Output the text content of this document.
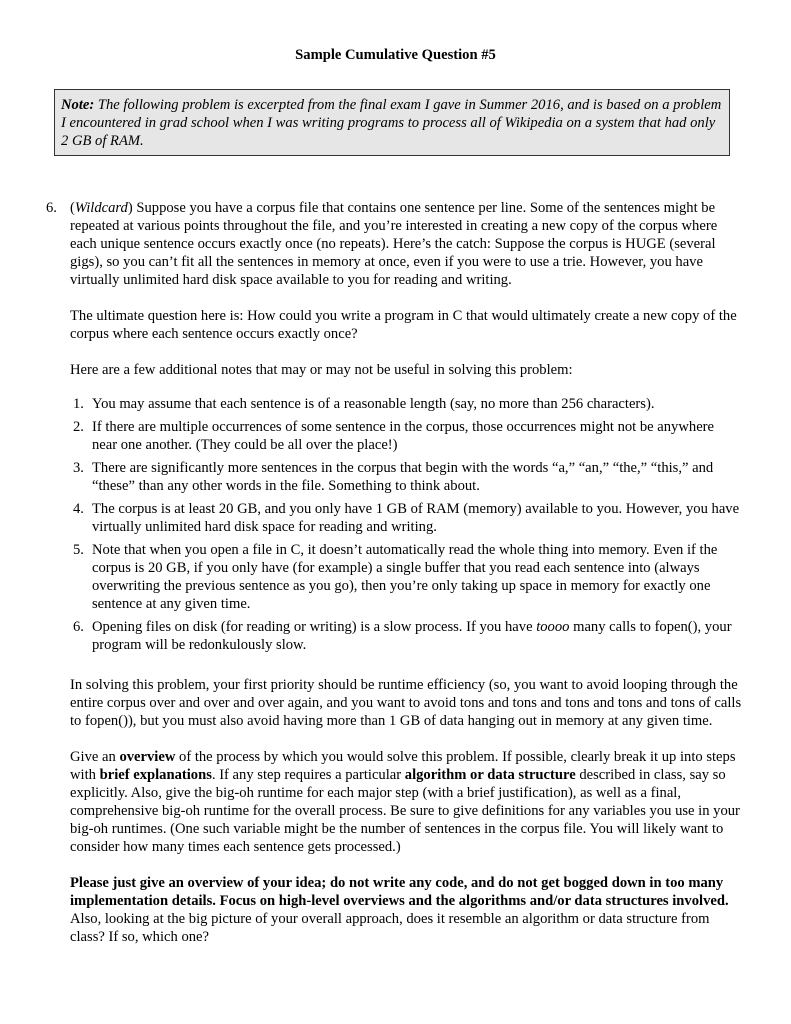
Sample Cumulative Question #5
Note: The following problem is excerpted from the final exam I gave in Summer 2016, and is based on a problem I encountered in grad school when I was writing programs to process all of Wikipedia on a system that had only 2 GB of RAM.
6. (Wildcard) Suppose you have a corpus file that contains one sentence per line. Some of the sentences might be repeated at various points throughout the file, and you’re interested in creating a new copy of the corpus where each unique sentence occurs exactly once (no repeats). Here’s the catch: Suppose the corpus is HUGE (several gigs), so you can’t fit all the sentences in memory at once, even if you were to use a trie. However, you have virtually unlimited hard disk space available to you for reading and writing.

The ultimate question here is: How could you write a program in C that would ultimately create a new copy of the corpus where each sentence occurs exactly once?

Here are a few additional notes that may or may not be useful in solving this problem:

1. You may assume that each sentence is of a reasonable length (say, no more than 256 characters).
2. If there are multiple occurrences of some sentence in the corpus, those occurrences might not be anywhere near one another. (They could be all over the place!)
3. There are significantly more sentences in the corpus that begin with the words “a,” “an,” “the,” “this,” and “these” than any other words in the file. Something to think about.
4. The corpus is at least 20 GB, and you only have 1 GB of RAM (memory) available to you. However, you have virtually unlimited hard disk space for reading and writing.
5. Note that when you open a file in C, it doesn’t automatically read the whole thing into memory. Even if the corpus is 20 GB, if you only have (for example) a single buffer that you read each sentence into (always overwriting the previous sentence as you go), then you’re only taking up space in memory for exactly one sentence at any given time.
6. Opening files on disk (for reading or writing) is a slow process. If you have toooo many calls to fopen(), your program will be redonkulously slow.

In solving this problem, your first priority should be runtime efficiency (so, you want to avoid looping through the entire corpus over and over and over again, and you want to avoid tons and tons and tons and tons and tons of calls to fopen()), but you must also avoid having more than 1 GB of data hanging out in memory at any given time.

Give an overview of the process by which you would solve this problem. If possible, clearly break it up into steps with brief explanations. If any step requires a particular algorithm or data structure described in class, say so explicitly. Also, give the big-oh runtime for each major step (with a brief justification), as well as a final, comprehensive big-oh runtime for the overall process. Be sure to give definitions for any variables you use in your big-oh runtimes. (One such variable might be the number of sentences in the corpus file. You will likely want to consider how many times each sentence gets processed.)

Please just give an overview of your idea; do not write any code, and do not get bogged down in too many implementation details. Focus on high-level overviews and the algorithms and/or data structures involved. Also, looking at the big picture of your overall approach, does it resemble an algorithm or data structure from class? If so, which one?
